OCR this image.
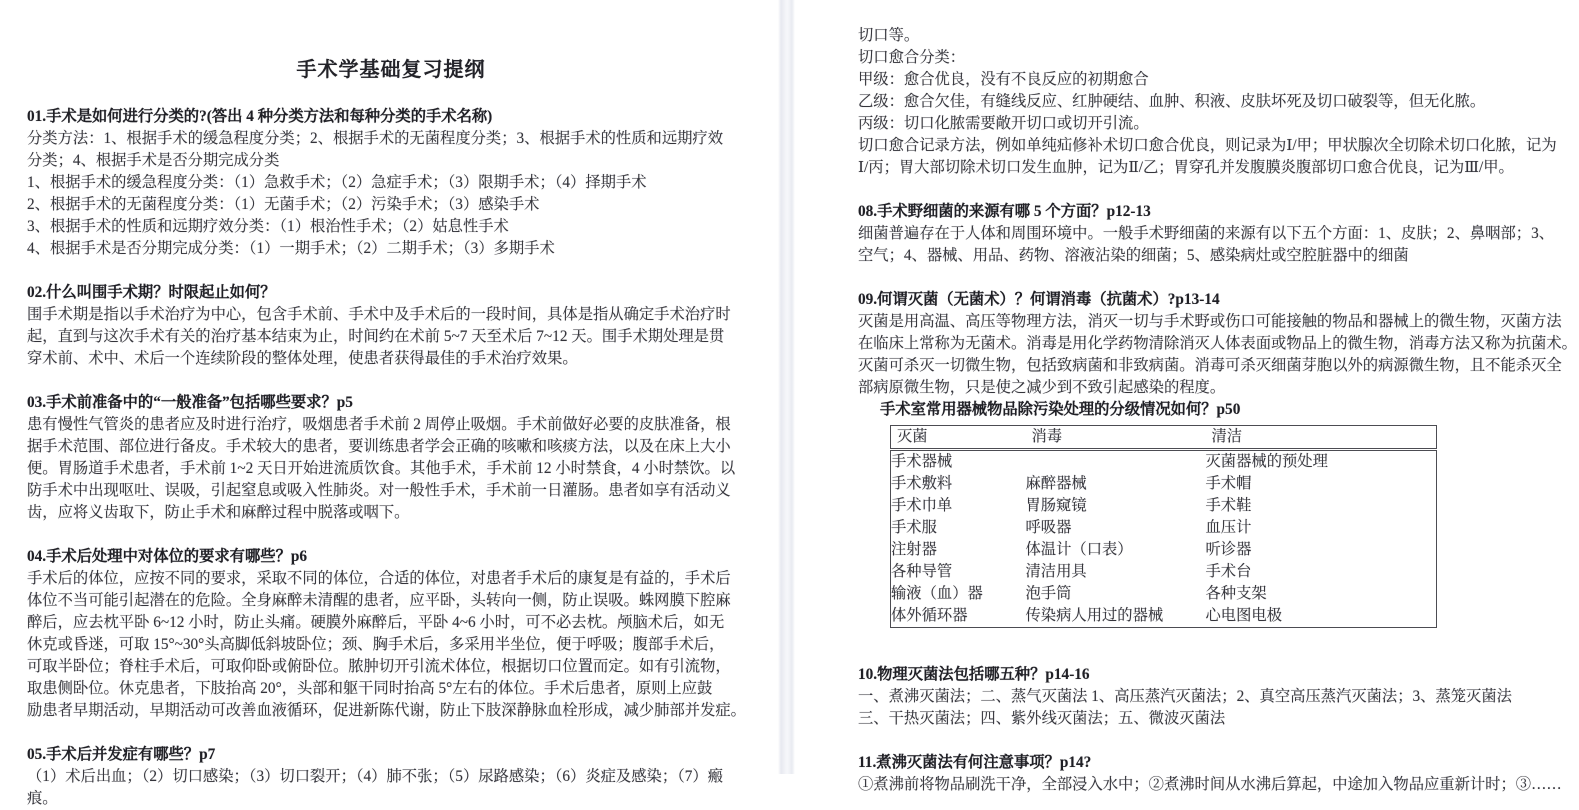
手术学基础复习提纲
01.手术是如何进行分类的?(答出 4 种分类方法和每种分类的手术名称)
分类方法：1、根据手术的缓急程度分类；2、根据手术的无菌程度分类；3、根据手术的性质和远期疗效
分类；4、根据手术是否分期完成分类
1、根据手术的缓急程度分类：（1）急救手术；（2）急症手术；（3）限期手术；（4）择期手术
2、根据手术的无菌程度分类：（1）无菌手术；（2）污染手术；（3）感染手术
3、根据手术的性质和远期疗效分类：（1）根治性手术；（2）姑息性手术
4、根据手术是否分期完成分类：（1）一期手术；（2）二期手术；（3）多期手术
02.什么叫围手术期？时限起止如何？
围手术期是指以手术治疗为中心，包含手术前、手术中及手术后的一段时间，具体是指从确定手术治疗时
起，直到与这次手术有关的治疗基本结束为止，时间约在术前 5~7 天至术后 7~12 天。围手术期处理是贯
穿术前、术中、术后一个连续阶段的整体处理，使患者获得最佳的手术治疗效果。
03.手术前准备中的“一般准备”包括哪些要求？p5
患有慢性气管炎的患者应及时进行治疗，吸烟患者手术前 2 周停止吸烟。手术前做好必要的皮肤准备，根
据手术范围、部位进行备皮。手术较大的患者，要训练患者学会正确的咳嗽和咳痰方法，以及在床上大小
便。胃肠道手术患者，手术前 1~2 天日开始进流质饮食。其他手术，手术前 12 小时禁食，4 小时禁饮。以
防手术中出现呕吐、误吸，引起窒息或吸入性肺炎。对一般性手术，手术前一日灌肠。患者如享有活动义
齿，应将义齿取下，防止手术和麻醉过程中脱落或咽下。
04.手术后处理中对体位的要求有哪些？p6
手术后的体位，应按不同的要求，采取不同的体位，合适的体位，对患者手术后的康复是有益的，手术后
体位不当可能引起潜在的危险。全身麻醉未清醒的患者，应平卧，头转向一侧，防止误吸。蛛网膜下腔麻
醉后，应去枕平卧 6~12 小时，防止头痛。硬膜外麻醉后，平卧 4~6 小时，可不必去枕。颅脑术后，如无
休克或昏迷，可取 15°~30°头高脚低斜坡卧位；颈、胸手术后，多采用半坐位，便于呼吸；腹部手术后，
可取半卧位；脊柱手术后，可取仰卧或俯卧位。脓肿切开引流术体位，根据切口位置而定。如有引流物，
取患侧卧位。休克患者，下肢抬高 20°，头部和躯干同时抬高 5°左右的体位。手术后患者，原则上应鼓
励患者早期活动，早期活动可改善血液循环，促进新陈代谢，防止下肢深静脉血栓形成，减少肺部并发症。
05.手术后并发症有哪些？p7
（1）术后出血；（2）切口感染；（3）切口裂开；（4）肺不张；（5）尿路感染；（6）炎症及感染；（7）瘢
痕。
切口等。
切口愈合分类：
甲级：愈合优良，没有不良反应的初期愈合
乙级：愈合欠佳，有缝线反应、红肿硬结、血肿、积液、皮肤坏死及切口破裂等，但无化脓。
丙级：切口化脓需要敞开切口或切开引流。
切口愈合记录方法，例如单纯疝修补术切口愈合优良，则记录为Ⅰ/甲；甲状腺次全切除术切口化脓，记为
Ⅰ/丙；胃大部切除术切口发生血肿，记为Ⅱ/乙；胃穿孔并发腹膜炎腹部切口愈合优良，记为Ⅲ/甲。
08.手术野细菌的来源有哪 5 个方面？p12-13
细菌普遍存在于人体和周围环境中。一般手术野细菌的来源有以下五个方面：1、皮肤；2、鼻咽部；3、
空气；4、器械、用品、药物、溶液沾染的细菌；5、感染病灶或空腔脏器中的细菌
09.何谓灭菌（无菌术）？何谓消毒（抗菌术）?p13-14
灭菌是用高温、高压等物理方法，消灭一切与手术野或伤口可能接触的物品和器械上的微生物，灭菌方法
在临床上常称为无菌术。消毒是用化学药物清除消灭人体表面或物品上的微生物，消毒方法又称为抗菌术。
灭菌可杀灭一切微生物，包括致病菌和非致病菌。消毒可杀灭细菌芽胞以外的病源微生物，且不能杀灭全
部病原微生物，只是使之减少到不致引起感染的程度。
手术室常用器械物品除污染处理的分级情况如何？p50
灭菌	消毒	清洁
手术器械		灭菌器械的预处理
手术敷料	麻醉器械	手术帽
手术巾单	胃肠窥镜	手术鞋
手术服	呼吸器	血压计
注射器	体温计（口表）	听诊器
各种导管	清洁用具	手术台
输液（血）器	泡手筒	各种支架
体外循环器	传染病人用过的器械	心电图电极
10.物理灭菌法包括哪五种？p14-16
一、煮沸灭菌法；二、蒸气灭菌法 1、高压蒸汽灭菌法；2、真空高压蒸汽灭菌法；3、蒸笼灭菌法
三、干热灭菌法；四、紫外线灭菌法；五、微波灭菌法
11.煮沸灭菌法有何注意事项？p14?
①煮沸前将物品刷洗干净，全部浸入水中；②煮沸时间从水沸后算起，中途加入物品应重新计时；③……
